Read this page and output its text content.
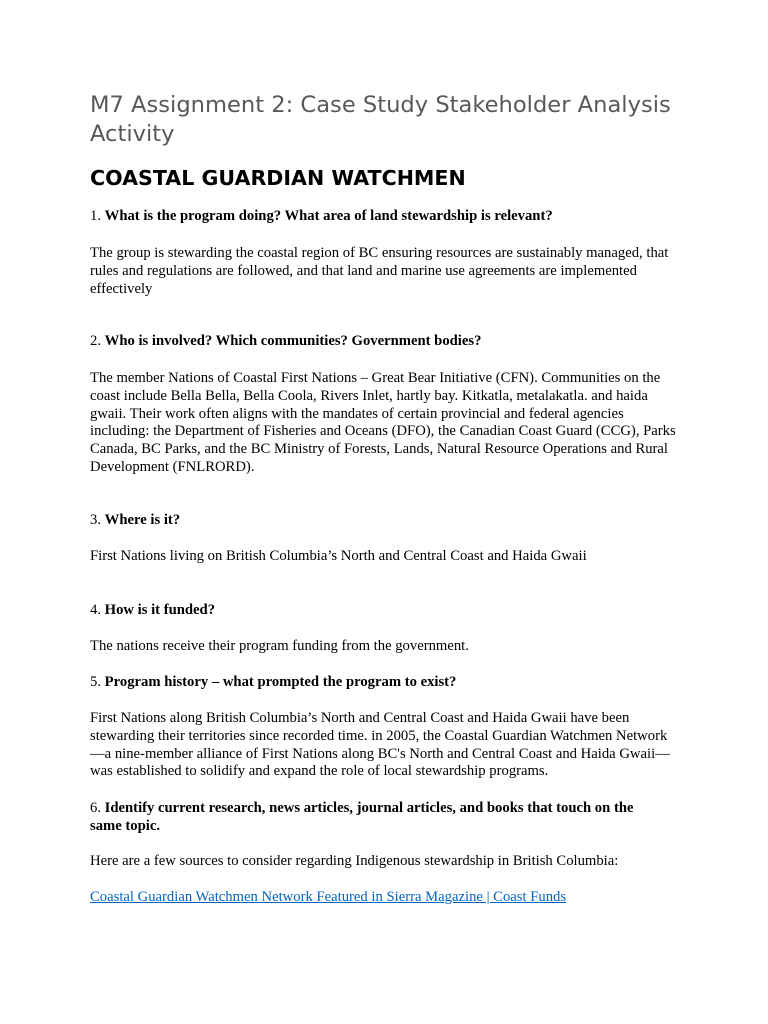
M7 Assignment 2: Case Study Stakeholder Analysis Activity
COASTAL GUARDIAN WATCHMEN

1. What is the program doing? What area of land stewardship is relevant?

The group is stewarding the coastal region of BC ensuring resources are sustainably managed, that rules and regulations are followed, and that land and marine use agreements are implemented effectively

2. Who is involved? Which communities? Government bodies?

The member Nations of Coastal First Nations – Great Bear Initiative (CFN). Communities on the coast include Bella Bella, Bella Coola, Rivers Inlet, hartly bay. Kitkatla, metalakatla. and haida gwaii. Their work often aligns with the mandates of certain provincial and federal agencies including: the Department of Fisheries and Oceans (DFO), the Canadian Coast Guard (CCG), Parks Canada, BC Parks, and the BC Ministry of Forests, Lands, Natural Resource Operations and Rural Development (FNLRORD).

3. Where is it?

First Nations living on British Columbia’s North and Central Coast and Haida Gwaii

4. How is it funded?

The nations receive their program funding from the government.

5. Program history – what prompted the program to exist?

First Nations along British Columbia’s North and Central Coast and Haida Gwaii have been stewarding their territories since recorded time. in 2005, the Coastal Guardian Watchmen Network—a nine-member alliance of First Nations along BC's North and Central Coast and Haida Gwaii—was established to solidify and expand the role of local stewardship programs.

6. Identify current research, news articles, journal articles, and books that touch on the same topic.

Here are a few sources to consider regarding Indigenous stewardship in British Columbia:

Coastal Guardian Watchmen Network Featured in Sierra Magazine | Coast Funds
